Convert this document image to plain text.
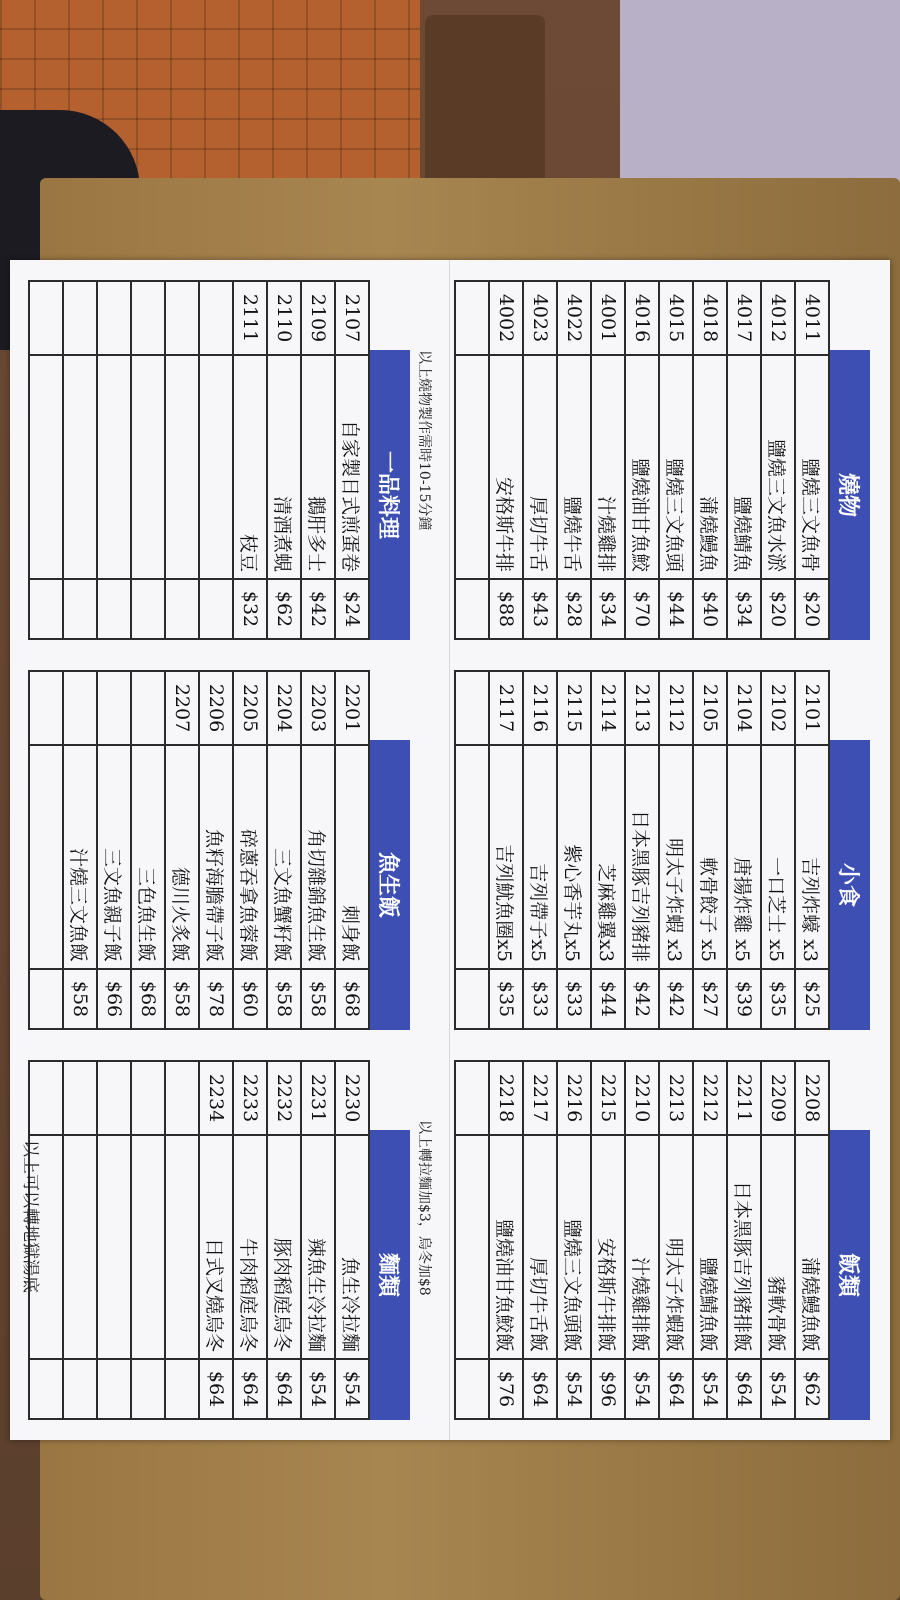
燒物
4011	鹽燒三文魚骨	$20
4012	鹽燒三文魚水淤	$20
4017	鹽燒鯖魚	$34
4018	蒲燒鰻魚	$40
4015	鹽燒三文魚頭	$44
4016	鹽燒油甘魚鮫	$70
4001	汁燒雞排	$34
4022	鹽燒牛舌	$28
4023	厚切牛舌	$43
4002	安格斯牛排	$88

小食
2101	吉列炸蠔 x3	$25
2102	一口芝士 x5	$35
2104	唐揚炸雞 x5	$39
2105	軟骨餃子 x5	$27
2112	明太子炸蝦 x3	$42
2113	日本黑豚吉列豬排	$42
2114	芝麻雞翼x3	$44
2115	紫心香芋丸x5	$33
2116	吉列帶子x5	$33
2117	吉列魷魚圈x5	$35

飯類
2208	蒲燒鰻魚飯	$62
2209	豬軟骨飯	$54
2211	日本黑豚吉列豬排飯	$64
2212	鹽燒鯖魚飯	$54
2213	明太子炸蝦飯	$64
2210	汁燒雞排飯	$54
2215	安格斯牛排飯	$96
2216	鹽燒三文魚頭飯	$54
2217	厚切牛舌飯	$64
2218	鹽燒油甘魚鮫飯	$76

以上燒物製作需時10-15分鐘
以上轉拉麵加$3，烏冬加$8
一品料理
2107	自家製日式煎蛋卷	$24
2109	鵝肝多士	$42
2110	清酒煮蜆	$62
2111	枝豆	$32

魚生飯
2201	刺身飯	$68
2203	角切雜錦魚生飯	$58
2204	三文魚蟹籽飯	$58
2205	碎蔥吞拿魚蓉飯	$60
2206	魚籽海膽帶子飯	$78
2207	德川火炙飯	$58
	三色魚生飯	$68
	三文魚親子飯	$66
	汁燒三文魚飯	$58

麵類
2230	魚生冷拉麵	$54
2231	辣魚生冷拉麵	$54
2232	豚肉稻庭烏冬	$64
2233	牛肉稻庭烏冬	$64
2234	日式叉燒烏冬	$64

以上可以轉地獄湯底
